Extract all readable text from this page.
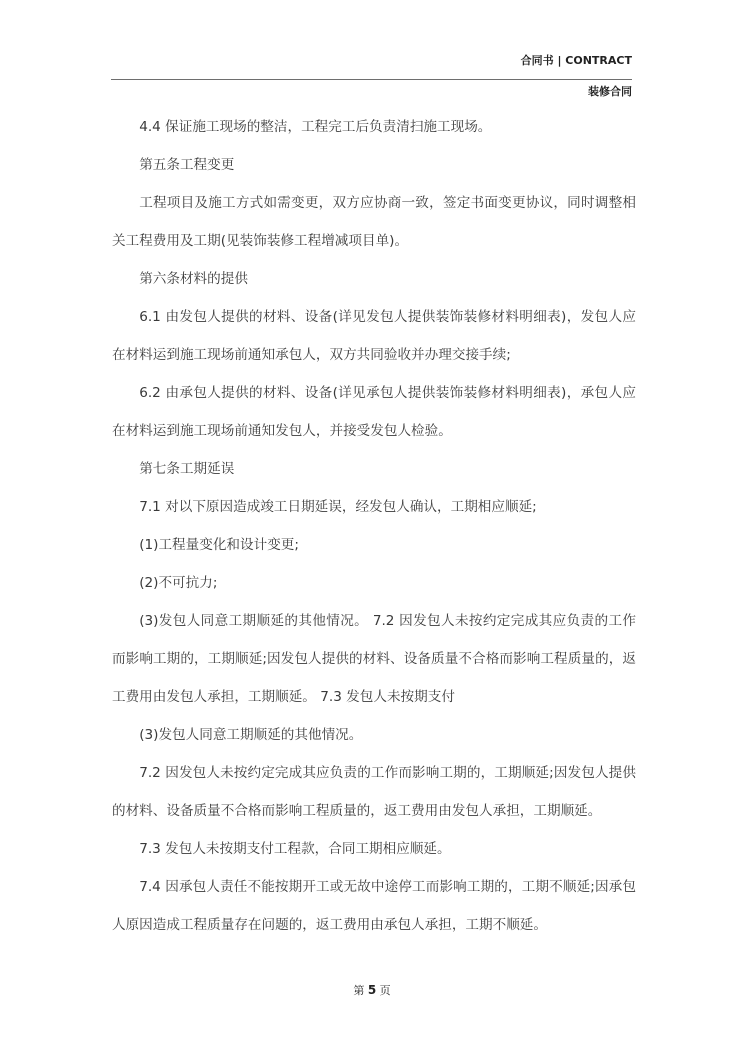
合同书 | CONTRACT
装修合同

4.4 保证施工现场的整洁，工程完工后负责清扫施工现场。

第五条工程变更

工程项目及施工方式如需变更，双方应协商一致，签定书面变更协议，同时调整相关工程费用及工期(见装饰装修工程增减项目单)。

第六条材料的提供

6.1 由发包人提供的材料、设备(详见发包人提供装饰装修材料明细表)，发包人应在材料运到施工现场前通知承包人，双方共同验收并办理交接手续;

6.2 由承包人提供的材料、设备(详见承包人提供装饰装修材料明细表)，承包人应在材料运到施工现场前通知发包人，并接受发包人检验。

第七条工期延误

7.1 对以下原因造成竣工日期延误，经发包人确认，工期相应顺延;

(1)工程量变化和设计变更;

(2)不可抗力;

(3)发包人同意工期顺延的其他情况。 7.2 因发包人未按约定完成其应负责的工作而影响工期的，工期顺延;因发包人提供的材料、设备质量不合格而影响工程质量的，返工费用由发包人承担，工期顺延。 7.3 发包人未按期支付

(3)发包人同意工期顺延的其他情况。

7.2 因发包人未按约定完成其应负责的工作而影响工期的，工期顺延;因发包人提供的材料、设备质量不合格而影响工程质量的，返工费用由发包人承担，工期顺延。

7.3 发包人未按期支付工程款，合同工期相应顺延。

7.4 因承包人责任不能按期开工或无故中途停工而影响工期的，工期不顺延;因承包人原因造成工程质量存在问题的，返工费用由承包人承担，工期不顺延。

第 5 页
